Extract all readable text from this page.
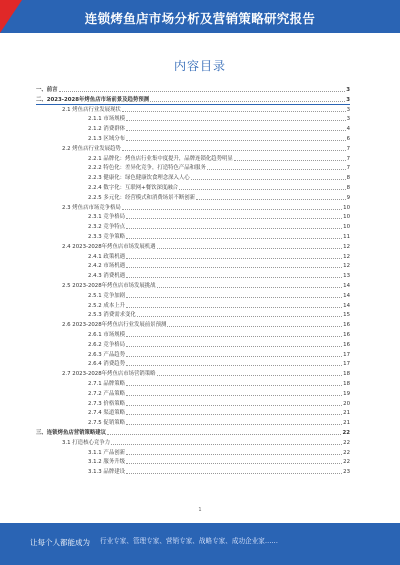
连锁烤鱼店市场分析及营销策略研究报告
内容目录
一、前言	3
二、2023-2028年烤鱼店市场前景及趋势预测	3
2.1 烤鱼店行业发展现状	3
2.1.1 市场规模	3
2.1.2 消费群体	4
2.1.3 区域分布	6
2.2 烤鱼店行业发展趋势	7
2.2.1 品牌化：烤鱼店行业集中度提升，品牌连锁化趋势明显	7
2.2.2 特色化：差异化竞争，打造特色产品和服务	7
2.2.3 健康化：绿色健康饮食理念深入人心	8
2.2.4 数字化：互联网+餐饮深度融合	8
2.2.5 多元化：经营模式和消费场景不断创新	9
2.3 烤鱼店市场竞争格局	10
2.3.1 竞争格局	10
2.3.2 竞争特点	10
2.3.3 竞争策略	11
2.4 2023-2028年烤鱼店市场发展机遇	12
2.4.1 政策机遇	12
2.4.2 市场机遇	12
2.4.3 消费机遇	13
2.5 2023-2028年烤鱼店市场发展挑战	14
2.5.1 竞争加剧	14
2.5.2 成本上升	14
2.5.3 消费需求变化	15
2.6 2023-2028年烤鱼店行业发展前景预测	16
2.6.1 市场规模	16
2.6.2 竞争格局	16
2.6.3 产品趋势	17
2.6.4 消费趋势	17
2.7 2023-2028年烤鱼店市场营销策略	18
2.7.1 品牌策略	18
2.7.2 产品策略	19
2.7.3 价格策略	20
2.7.4 渠道策略	21
2.7.5 促销策略	21
三、连锁烤鱼店营销策略建议	22
3.1 打造核心竞争力	22
3.1.1 产品创新	22
3.1.2 服务升级	22
3.1.3 品牌建设	23
1
让每个人都能成为 行业专家、管理专家、营销专家、战略专家、成功企业家……
